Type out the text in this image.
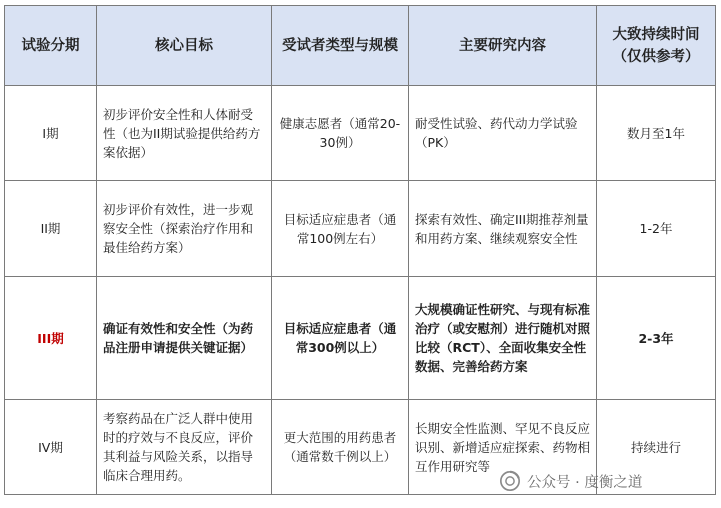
试验分期	核心目标	受试者类型与规模	主要研究内容	大致持续时间（仅供参考）
I期	初步评价安全性和人体耐受性（也为II期试验提供给药方案依据）	健康志愿者（通常20-30例）	耐受性试验、药代动力学试验（PK）	数月至1年
II期	初步评价有效性，进一步观察安全性（探索治疗作用和最佳给药方案）	目标适应症患者（通常100例左右）	探索有效性、确定III期推荐剂量和用药方案、继续观察安全性	1-2年
III期	确证有效性和安全性（为药品注册申请提供关键证据）	目标适应症患者（通常300例以上）	大规模确证性研究、与现有标准治疗（或安慰剂）进行随机对照比较（RCT）、全面收集安全性数据、完善给药方案	2-3年
IV期	考察药品在广泛人群中使用时的疗效与不良反应，评价其利益与风险关系，以指导临床合理用药。	更大范围的用药患者（通常数千例以上）	长期安全性监测、罕见不良反应识别、新增适应症探索、药物相互作用研究等	持续进行
公众号 · 度衡之道
